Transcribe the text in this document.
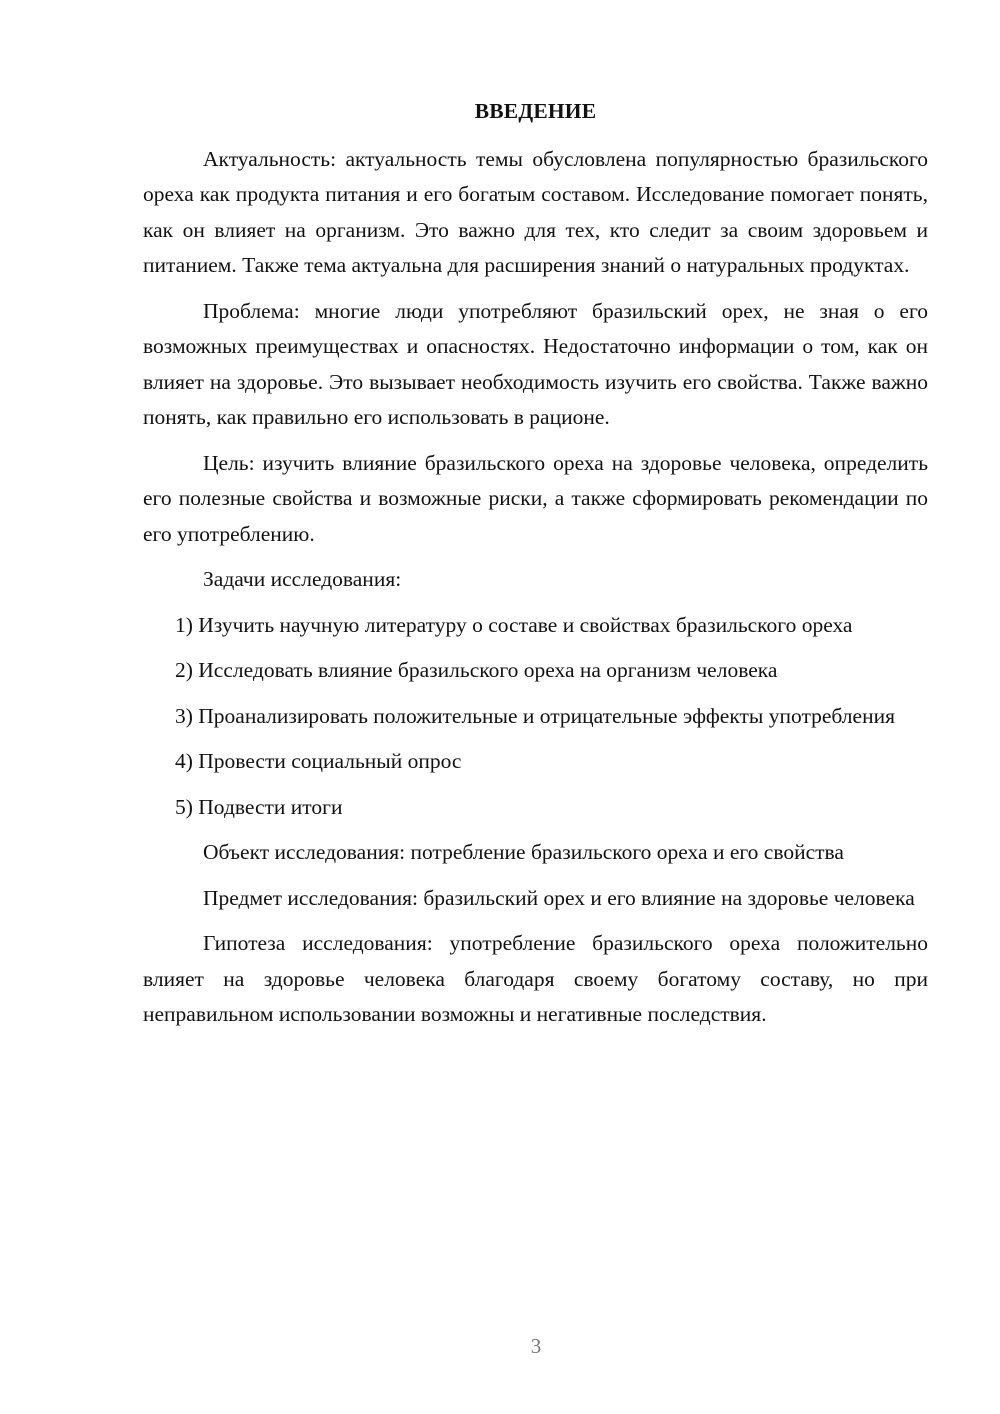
ВВЕДЕНИЕ

Актуальность: актуальность темы обусловлена популярностью бразильского ореха как продукта питания и его богатым составом. Исследование помогает понять, как он влияет на организм. Это важно для тех, кто следит за своим здоровьем и питанием. Также тема актуальна для расширения знаний о натуральных продуктах.

Проблема: многие люди употребляют бразильский орех, не зная о его возможных преимуществах и опасностях. Недостаточно информации о том, как он влияет на здоровье. Это вызывает необходимость изучить его свойства. Также важно понять, как правильно его использовать в рационе.

Цель: изучить влияние бразильского ореха на здоровье человека, определить его полезные свойства и возможные риски, а также сформировать рекомендации по его употреблению.

Задачи исследования:

1) Изучить научную литературу о составе и свойствах бразильского ореха

2) Исследовать влияние бразильского ореха на организм человека

3) Проанализировать положительные и отрицательные эффекты употребления

4) Провести социальный опрос

5) Подвести итоги

Объект исследования: потребление бразильского ореха и его свойства

Предмет исследования: бразильский орех и его влияние на здоровье человека

Гипотеза исследования: употребление бразильского ореха положительно влияет на здоровье человека благодаря своему богатому составу, но при неправильном использовании возможны и негативные последствия.

3
